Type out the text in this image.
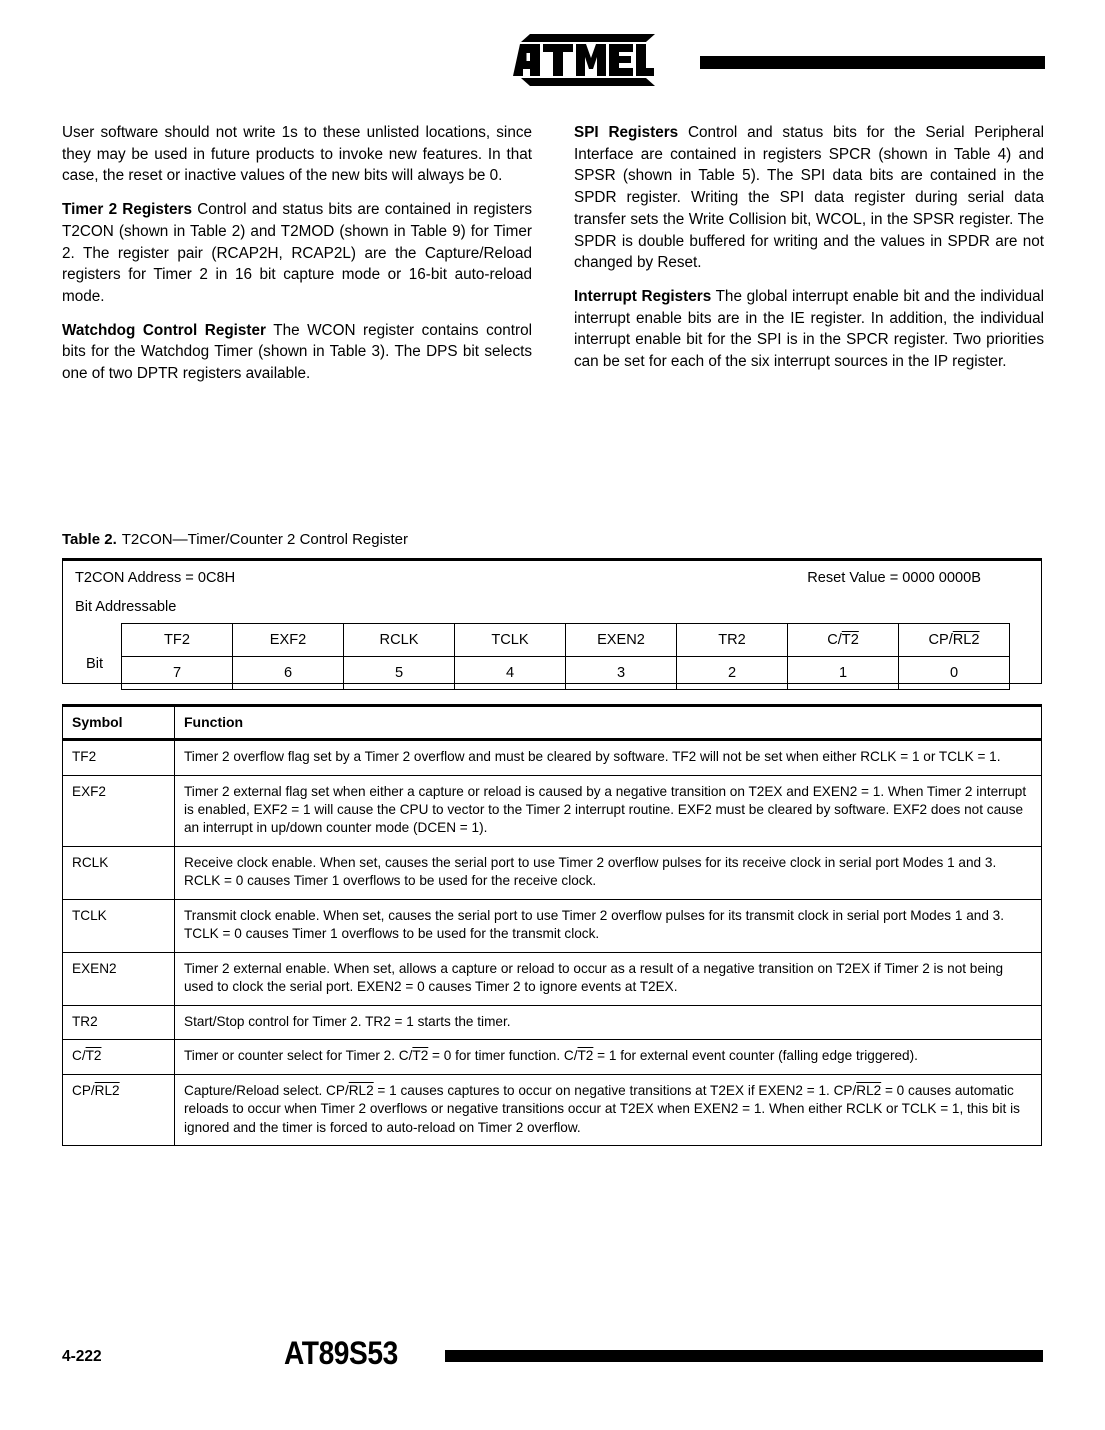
User software should not write 1s to these unlisted locations, since they may be used in future products to invoke new features. In that case, the reset or inactive values of the new bits will always be 0.

Timer 2 Registers Control and status bits are contained in registers T2CON (shown in Table 2) and T2MOD (shown in Table 9) for Timer 2. The register pair (RCAP2H, RCAP2L) are the Capture/Reload registers for Timer 2 in 16 bit capture mode or 16-bit auto-reload mode.

Watchdog Control Register The WCON register contains control bits for the Watchdog Timer (shown in Table 3). The DPS bit selects one of two DPTR registers available.

SPI Registers Control and status bits for the Serial Peripheral Interface are contained in registers SPCR (shown in Table 4) and SPSR (shown in Table 5). The SPI data bits are contained in the SPDR register. Writing the SPI data register during serial data transfer sets the Write Collision bit, WCOL, in the SPSR register. The SPDR is double buffered for writing and the values in SPDR are not changed by Reset.

Interrupt Registers The global interrupt enable bit and the individual interrupt enable bits are in the IE register. In addition, the individual interrupt enable bit for the SPI is in the SPCR register. Two priorities can be set for each of the six interrupt sources in the IP register.

Table 2. T2CON—Timer/Counter 2 Control Register
T2CON Address = 0C8H	Reset Value = 0000 0000B
Bit Addressable
Bit
TF2	EXF2	RCLK	TCLK	EXEN2	TR2	C/T2	CP/RL2
7	6	5	4	3	2	1	0
Symbol	Function
TF2	Timer 2 overflow flag set by a Timer 2 overflow and must be cleared by software. TF2 will not be set when either RCLK = 1 or TCLK = 1.
EXF2	Timer 2 external flag set when either a capture or reload is caused by a negative transition on T2EX and EXEN2 = 1. When Timer 2 interrupt is enabled, EXF2 = 1 will cause the CPU to vector to the Timer 2 interrupt routine. EXF2 must be cleared by software. EXF2 does not cause an interrupt in up/down counter mode (DCEN = 1).
RCLK	Receive clock enable. When set, causes the serial port to use Timer 2 overflow pulses for its receive clock in serial port Modes 1 and 3. RCLK = 0 causes Timer 1 overflows to be used for the receive clock.
TCLK	Transmit clock enable. When set, causes the serial port to use Timer 2 overflow pulses for its transmit clock in serial port Modes 1 and 3. TCLK = 0 causes Timer 1 overflows to be used for the transmit clock.
EXEN2	Timer 2 external enable. When set, allows a capture or reload to occur as a result of a negative transition on T2EX if Timer 2 is not being used to clock the serial port. EXEN2 = 0 causes Timer 2 to ignore events at T2EX.
TR2	Start/Stop control for Timer 2. TR2 = 1 starts the timer.
C/T2	Timer or counter select for Timer 2. C/T2 = 0 for timer function. C/T2 = 1 for external event counter (falling edge triggered).
CP/RL2	Capture/Reload select. CP/RL2 = 1 causes captures to occur on negative transitions at T2EX if EXEN2 = 1. CP/RL2 = 0 causes automatic reloads to occur when Timer 2 overflows or negative transitions occur at T2EX when EXEN2 = 1. When either RCLK or TCLK = 1, this bit is ignored and the timer is forced to auto-reload on Timer 2 overflow.
4-222	AT89S53
